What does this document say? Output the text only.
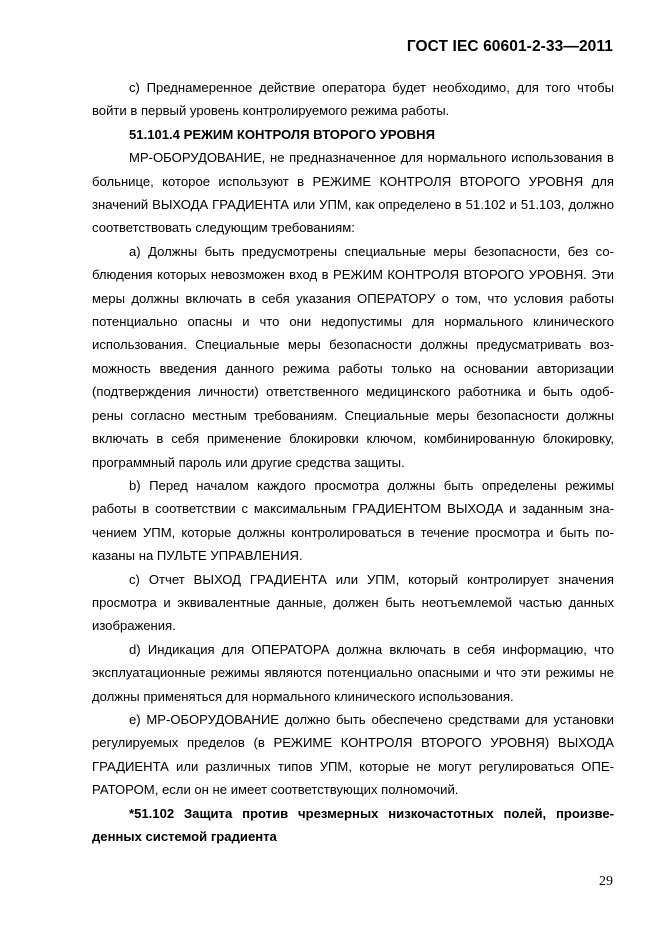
ГОСТ IEC 60601-2-33—2011

c) Преднамеренное действие оператора будет необходимо, для того чтобы войти в первый уровень контролируемого режима работы.

51.101.4 РЕЖИМ КОНТРОЛЯ ВТОРОГО УРОВНЯ

МР-ОБОРУДОВАНИЕ, не предназначенное для нормального использования в больнице, которое используют в РЕЖИМЕ КОНТРОЛЯ ВТОРОГО УРОВНЯ для значений ВЫХОДА ГРАДИЕНТА или УПМ, как определено в 51.102 и 51.103, должно соответствовать следующим требованиям:

a) Должны быть предусмотрены специальные меры безопасности, без соблюдения которых невозможен вход в РЕЖИМ КОНТРОЛЯ ВТОРОГО УРОВНЯ. Эти меры должны включать в себя указания ОПЕРАТОРУ о том, что условия работы потенциально опасны и что они недопустимы для нормального клинического использования. Специальные меры безопасности должны предусматривать возможность введения данного режима работы только на основании авторизации (подтверждения личности) ответственного медицинского работника и быть одобрены согласно местным требованиям. Специальные меры безопасности должны включать в себя применение блокировки ключом, комбинированную блокировку, программный пароль или другие средства защиты.

b) Перед началом каждого просмотра должны быть определены режимы работы в соответствии с максимальным ГРАДИЕНТОМ ВЫХОДА и заданным значением УПМ, которые должны контролироваться в течение просмотра и быть показаны на ПУЛЬТЕ УПРАВЛЕНИЯ.

c) Отчет ВЫХОД ГРАДИЕНТА или УПМ, который контролирует значения просмотра и эквивалентные данные, должен быть неотъемлемой частью данных изображения.

d) Индикация для ОПЕРАТОРА должна включать в себя информацию, что эксплуатационные режимы являются потенциально опасными и что эти режимы не должны применяться для нормального клинического использования.

e) МР-ОБОРУДОВАНИЕ должно быть обеспечено средствами для установки регулируемых пределов (в РЕЖИМЕ КОНТРОЛЯ ВТОРОГО УРОВНЯ) ВЫХОДА ГРАДИЕНТА или различных типов УПМ, которые не могут регулироваться ОПЕРАТОРОМ, если он не имеет соответствующих полномочий.

*51.102 Защита против чрезмерных низкочастотных полей, произведенных системой градиента

29
